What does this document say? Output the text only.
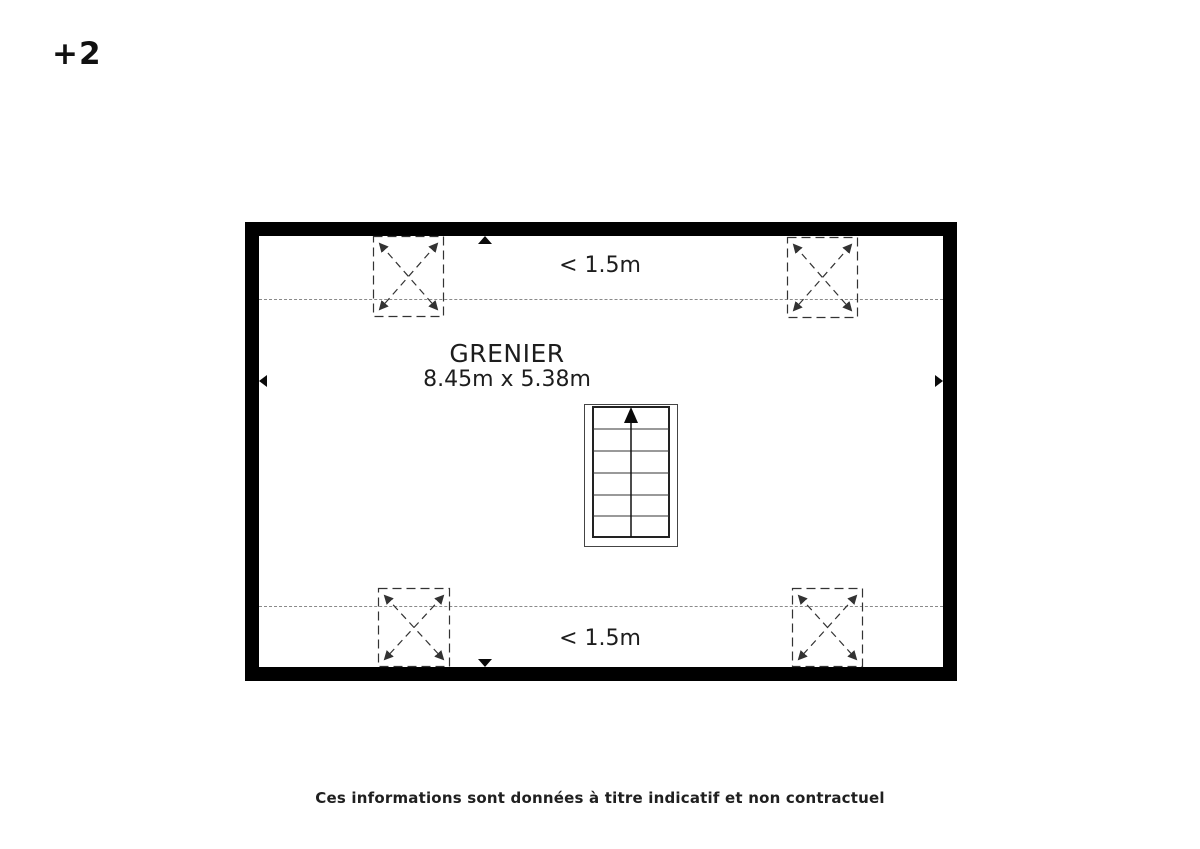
+2
< 1.5m
< 1.5m
GRENIER
8.45m x 5.38m
Ces informations sont données à titre indicatif et non contractuel
